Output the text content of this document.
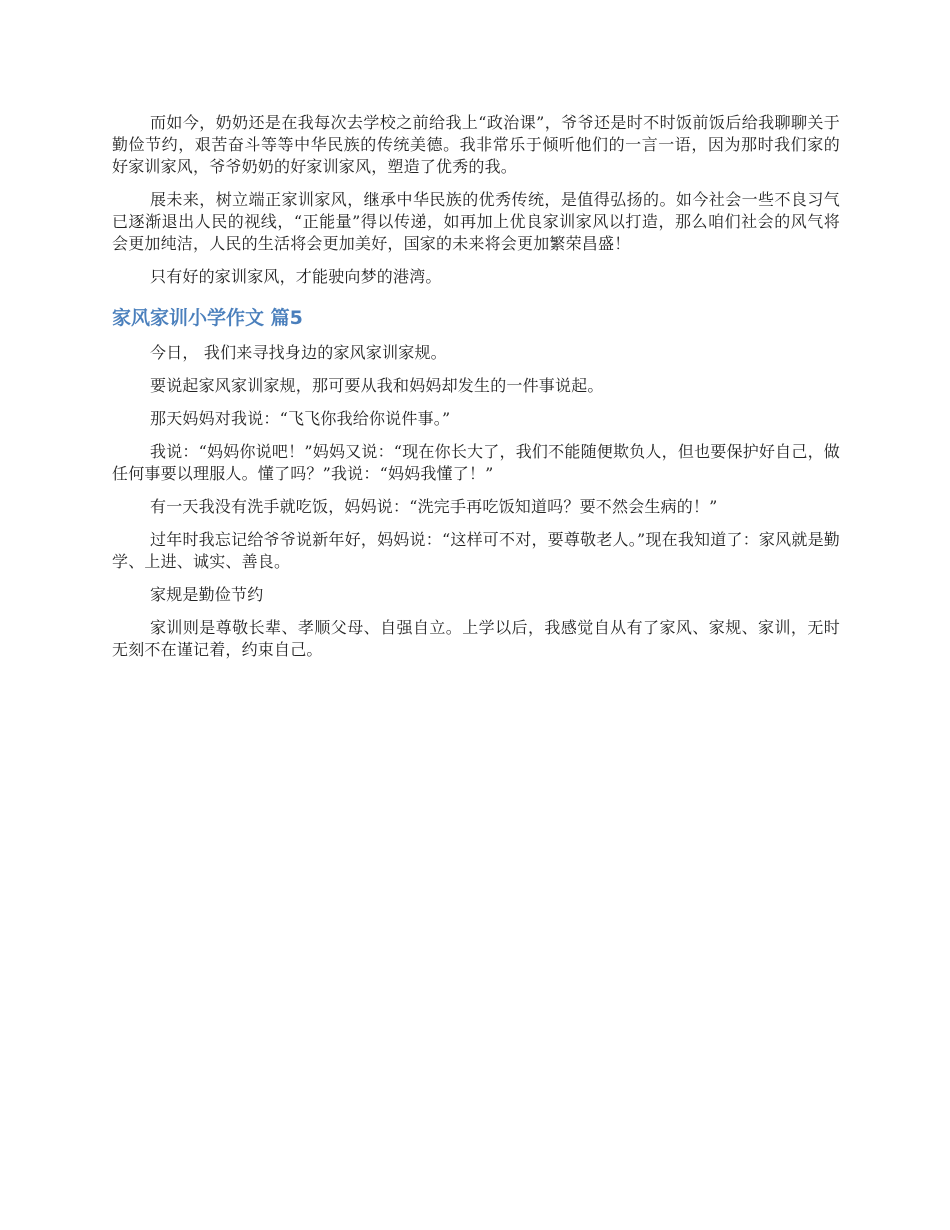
而如今，奶奶还是在我每次去学校之前给我上“政治课”，爷爷还是时不时饭前饭后给我聊聊关于勤俭节约，艰苦奋斗等等中华民族的传统美德。我非常乐于倾听他们的一言一语，因为那时我们家的好家训家风，爷爷奶奶的好家训家风，塑造了优秀的我。

展未来，树立端正家训家风，继承中华民族的优秀传统，是值得弘扬的。如今社会一些不良习气已逐渐退出人民的视线，“正能量”得以传递，如再加上优良家训家风以打造，那么咱们社会的风气将会更加纯洁，人民的生活将会更加美好，国家的未来将会更加繁荣昌盛！

只有好的家训家风，才能驶向梦的港湾。

家风家训小学作文 篇5

今日， 我们来寻找身边的家风家训家规。

要说起家风家训家规，那可要从我和妈妈却发生的一件事说起。

那天妈妈对我说：“飞飞你我给你说件事。”

我说：“妈妈你说吧！”妈妈又说：“现在你长大了，我们不能随便欺负人，但也要保护好自己，做任何事要以理服人。懂了吗？”我说：“妈妈我懂了！”

有一天我没有洗手就吃饭，妈妈说：“洗完手再吃饭知道吗？要不然会生病的！”

过年时我忘记给爷爷说新年好，妈妈说：“这样可不对，要尊敬老人。”现在我知道了：家风就是勤学、上进、诚实、善良。

家规是勤俭节约

家训则是尊敬长辈、孝顺父母、自强自立。上学以后，我感觉自从有了家风、家规、家训，无时无刻不在谨记着，约束自己。
